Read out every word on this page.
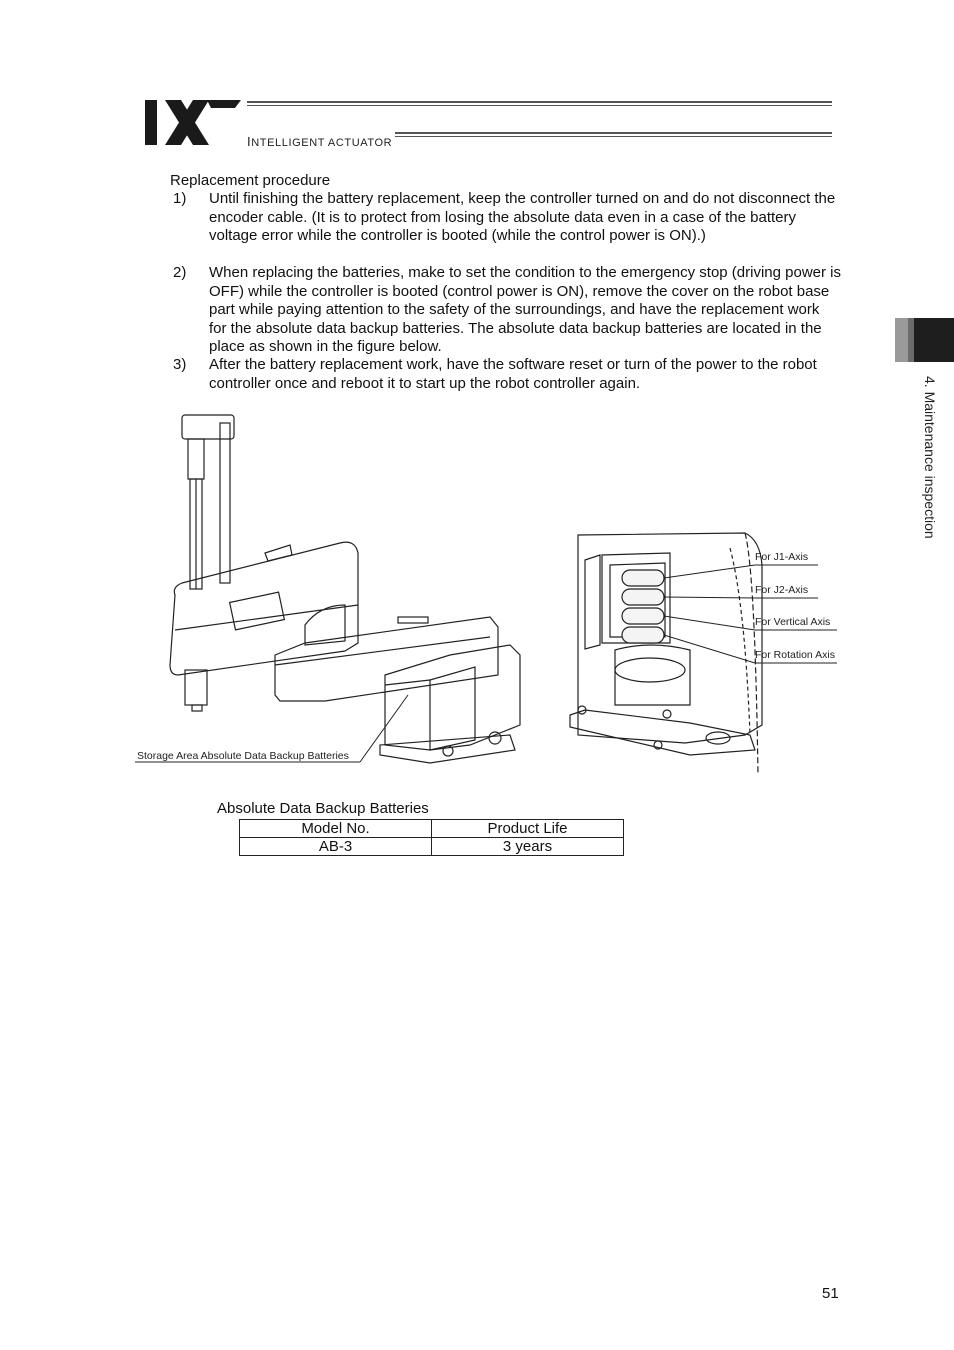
INTELLIGENT ACTUATOR
4. Maintenance inspection
Replacement procedure
1)	Until finishing the battery replacement, keep the controller turned on and do not disconnect the encoder cable. (It is to protect from losing the absolute data even in a case of the battery voltage error while the controller is booted (while the control power is ON).)
2)	When replacing the batteries, make to set the condition to the emergency stop (driving power is OFF) while the controller is booted (control power is ON), remove the cover on the robot base part while paying attention to the safety of the surroundings, and have the replacement work for the absolute data backup batteries. The absolute data backup batteries are located in the place as shown in the figure below.
3)	After the battery replacement work, have the software reset or turn of the power to the robot controller once and reboot it to start up the robot controller again.
Storage Area Absolute Data Backup Batteries
For J1-Axis
For J2-Axis
For Vertical Axis
For Rotation Axis
Absolute Data Backup Batteries
Model No.	Product Life
AB-3	3 years
51
